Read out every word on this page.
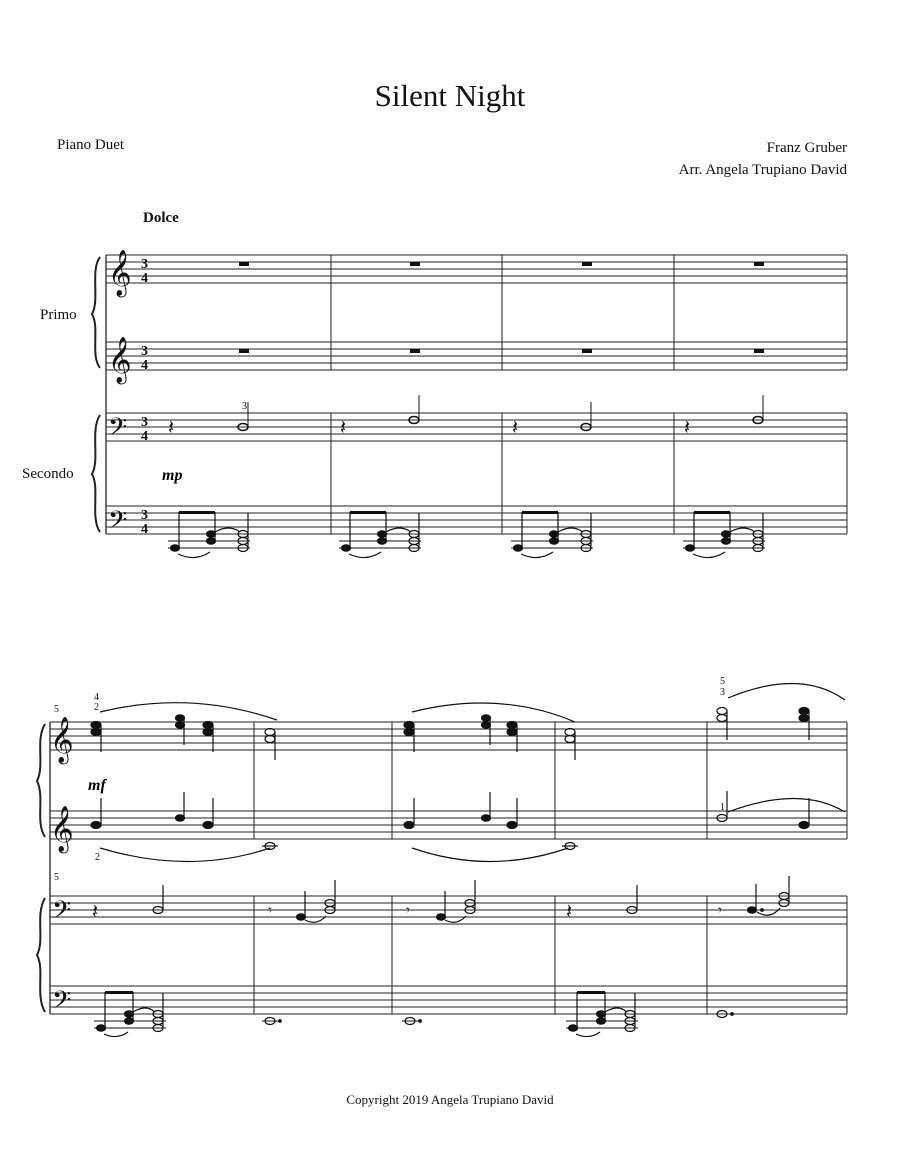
Silent Night
Piano Duet	Franz Gruber
Arr. Angela Trupiano David
Dolce
Primo
Secondo
Copyright 2019 Angela Trupiano David
𝄞
𝄞
𝄢
𝄢
𝄞
𝄞
𝄢
𝄢
3
4
3
4
3
4
3
4
𝄽	𝄽	𝄽	𝄽
3
mp
5
5
4
2
2
1
5
3
mf
𝄽	𝄾	𝄾	𝄽	𝄾
